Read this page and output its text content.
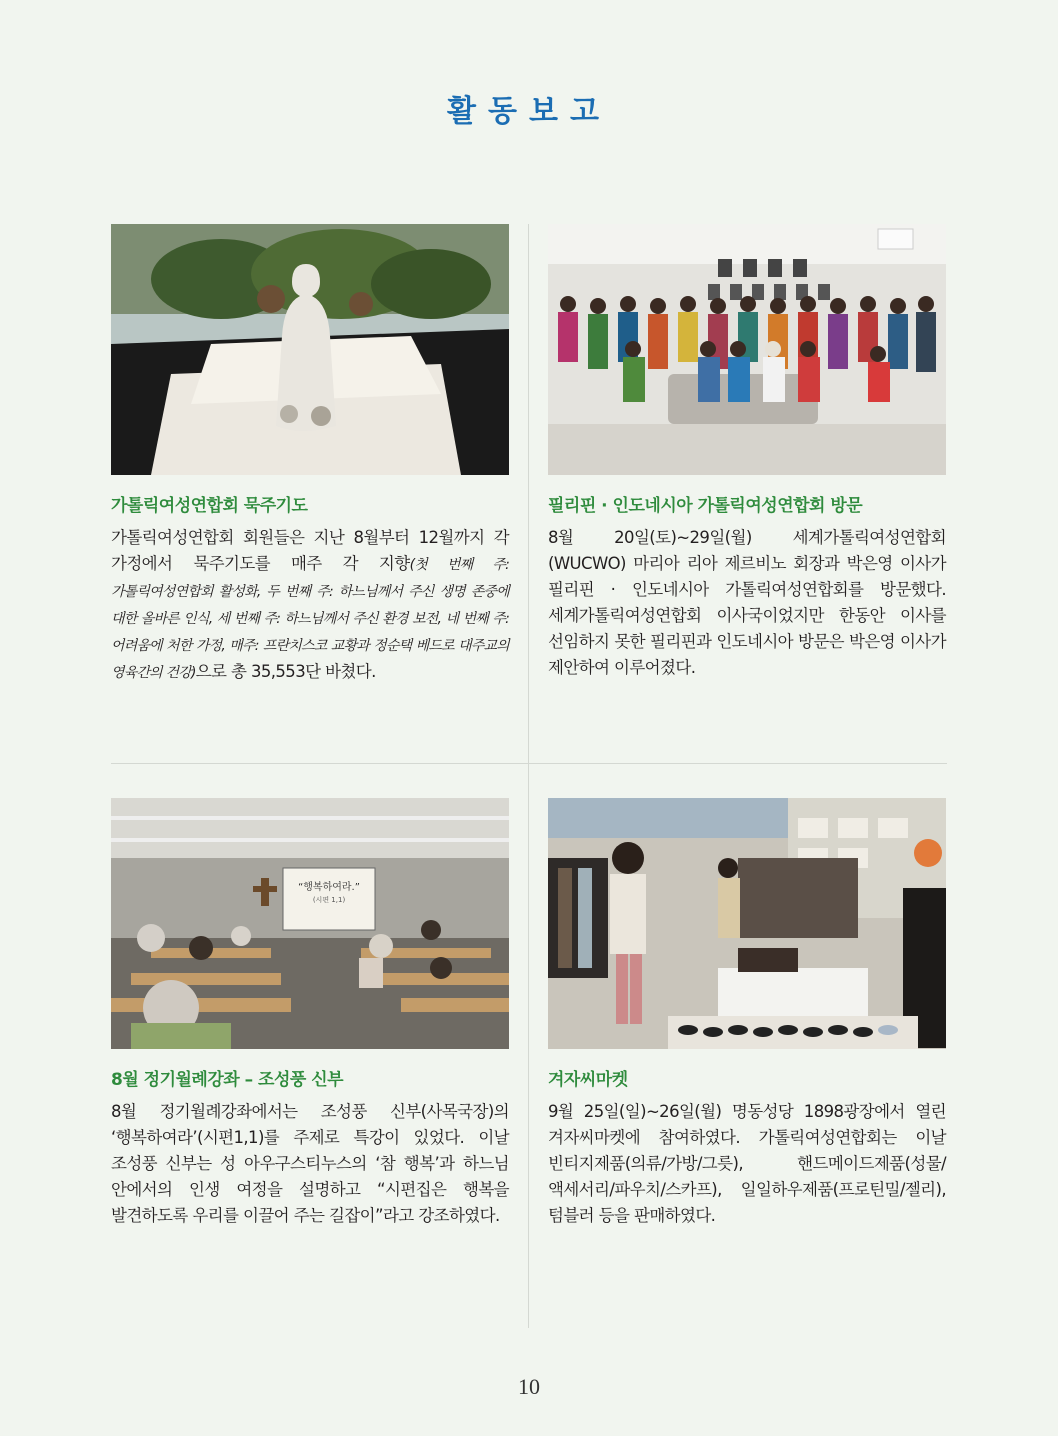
활동보고
가톨릭여성연합회 묵주기도
가톨릭여성연합회 회원들은 지난 8월부터 12월까지 각 가정에서 묵주기도를 매주 각 지향(첫 번째 주: 가톨릭여성연합회 활성화, 두 번째 주: 하느님께서 주신 생명 존중에 대한 올바른 인식, 세 번째 주: 하느님께서 주신 환경 보전, 네 번째 주: 어려움에 처한 가정, 매주: 프란치스코 교황과 정순택 베드로 대주교의 영육간의 건강)으로 총 35,553단 바쳤다.
필리핀 · 인도네시아 가톨릭여성연합회 방문
8월 20일(토)~29일(월) 세계가톨릭여성연합회(WUCWO) 마리아 리아 제르비노 회장과 박은영 이사가 필리핀 · 인도네시아 가톨릭여성연합회를 방문했다. 세계가톨릭여성연합회 이사국이었지만 한동안 이사를 선임하지 못한 필리핀과 인도네시아 방문은 박은영 이사가 제안하여 이루어졌다.
“행복하여라.”
(시편 1,1)
8월 정기월례강좌 – 조성풍 신부
8월 정기월례강좌에서는 조성풍 신부(사목국장)의 ‘행복하여라’(시편1,1)를 주제로 특강이 있었다. 이날 조성풍 신부는 성 아우구스티누스의 ‘참 행복’과 하느님 안에서의 인생 여정을 설명하고 “시편집은 행복을 발견하도록 우리를 이끌어 주는 길잡이”라고 강조하였다.
겨자씨마켓
9월 25일(일)~26일(월) 명동성당 1898광장에서 열린 겨자씨마켓에 참여하였다. 가톨릭여성연합회는 이날 빈티지제품(의류/가방/그릇), 핸드메이드제품(성물/액세서리/파우치/스카프), 일일하우제품(프로틴밀/젤리), 텀블러 등을 판매하였다.
10
